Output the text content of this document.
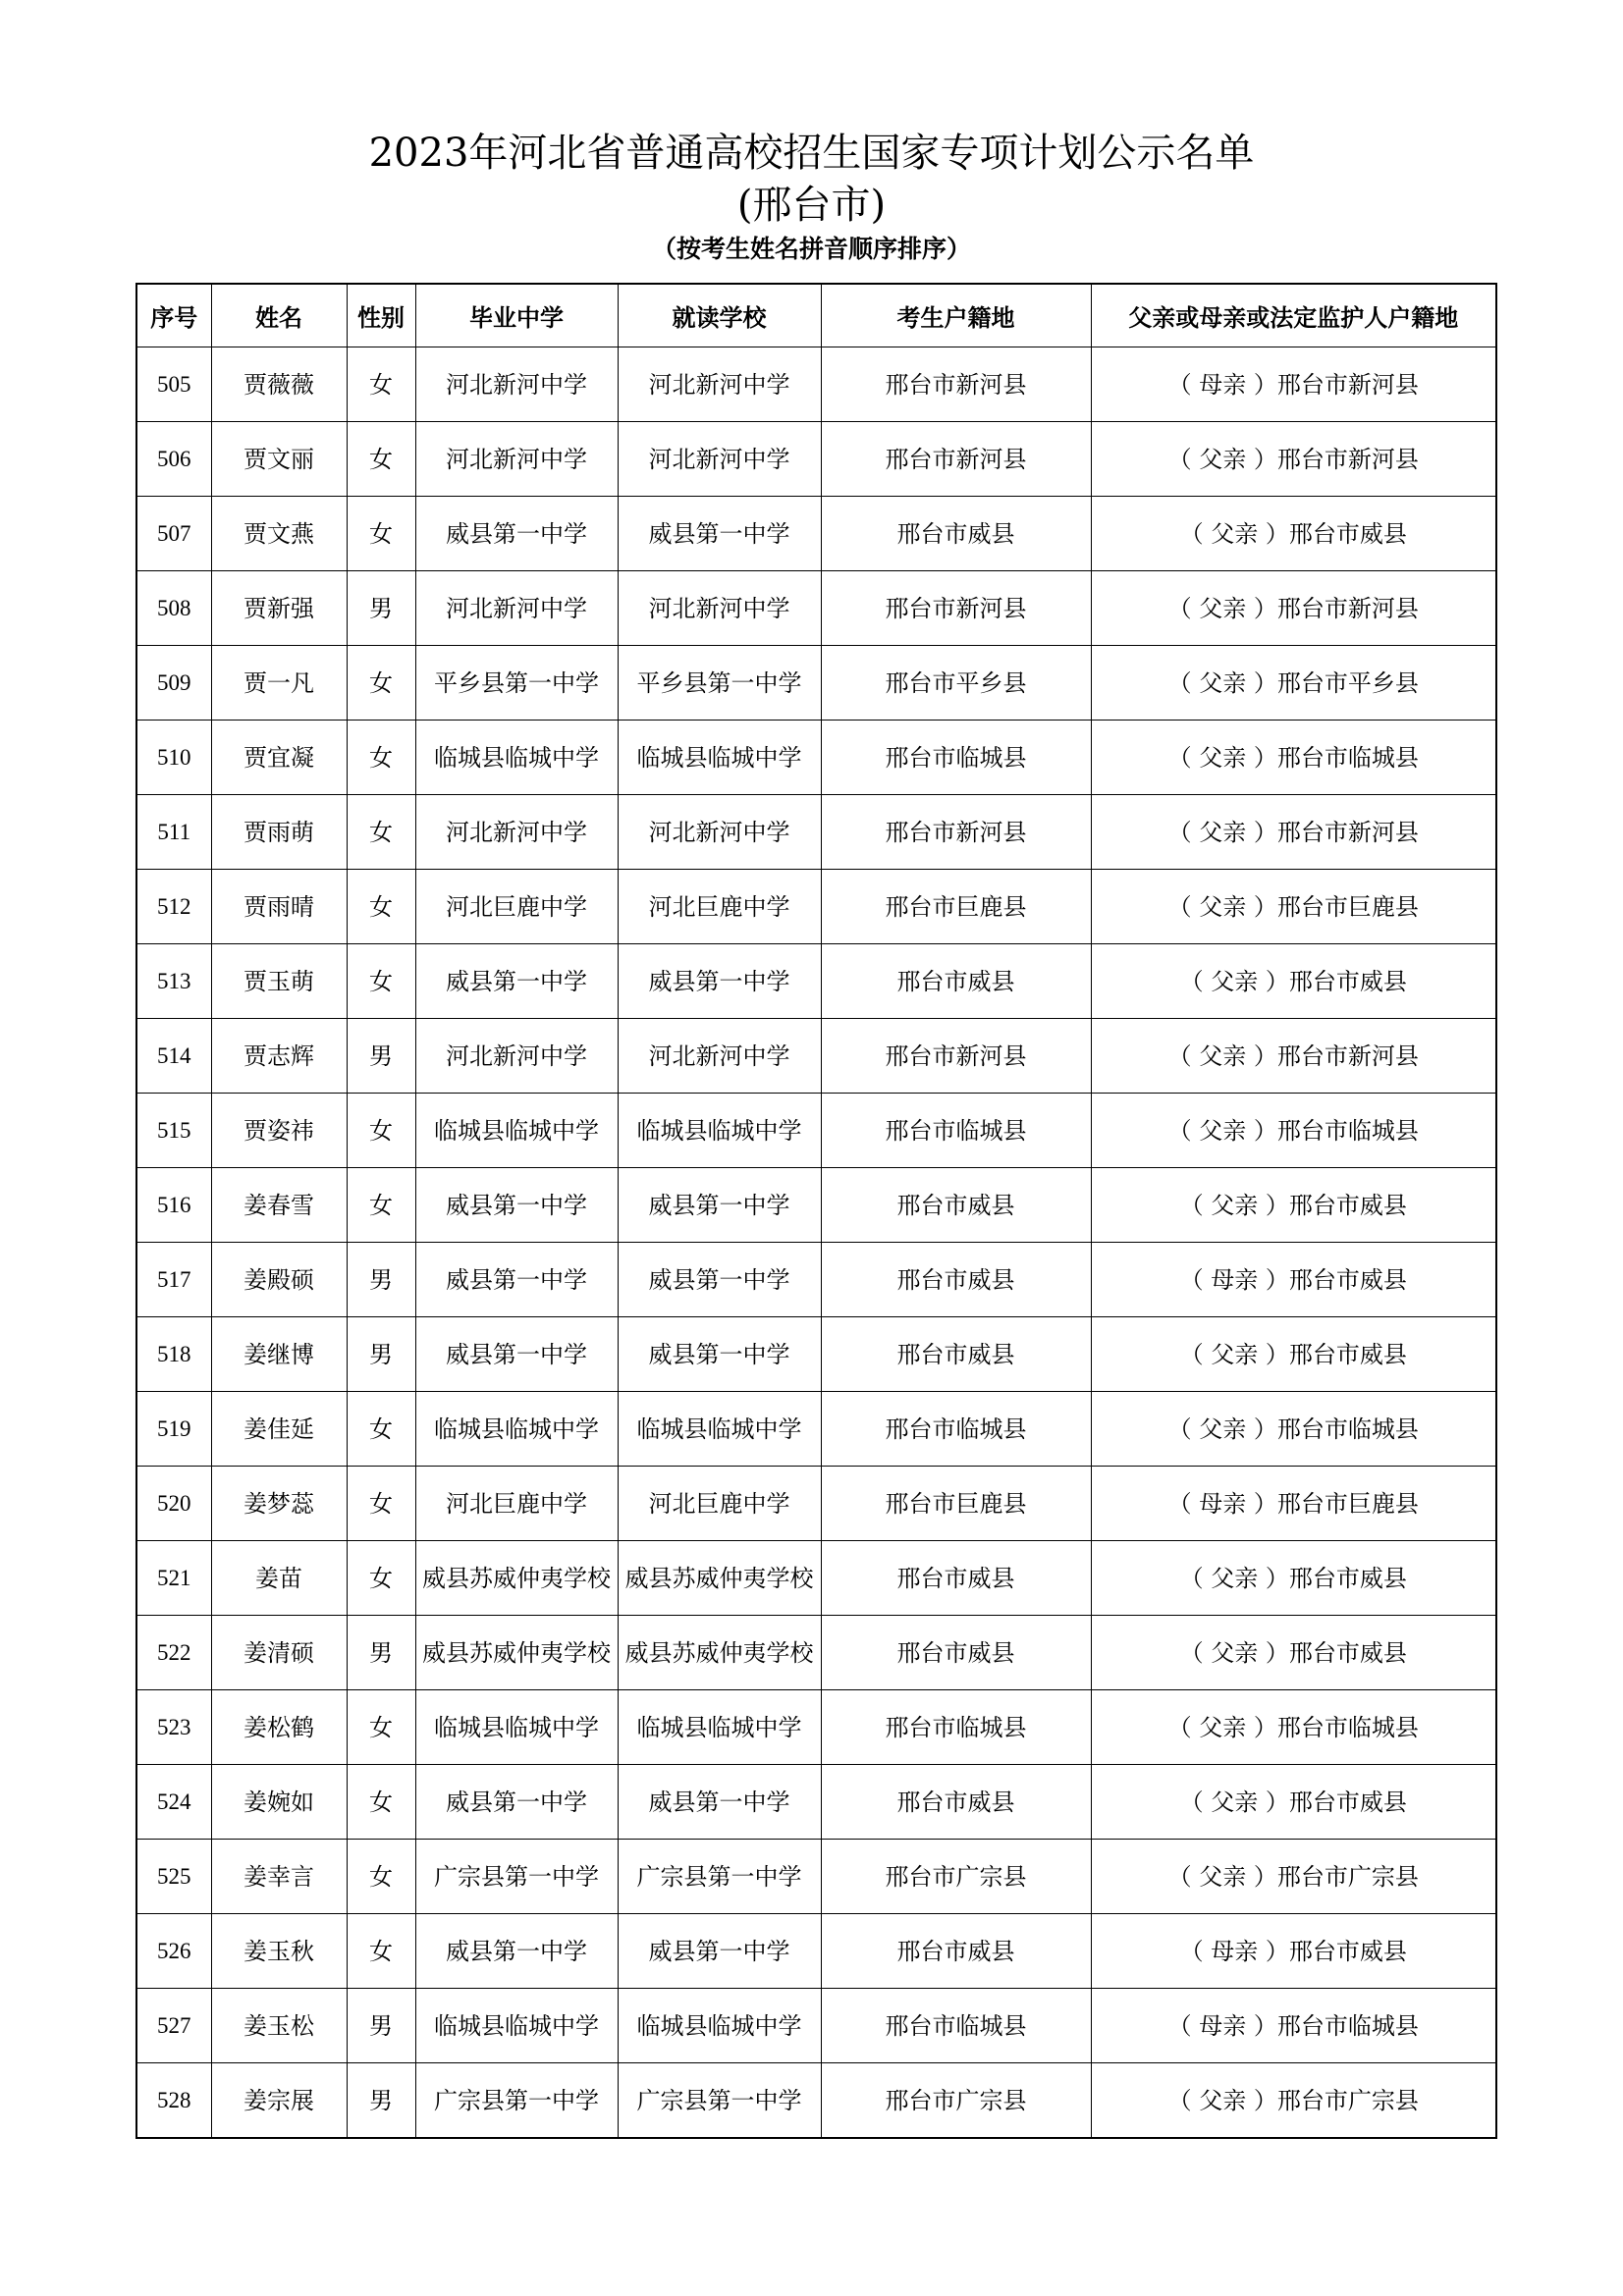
2023年河北省普通高校招生国家专项计划公示名单
(邢台市)
（按考生姓名拼音顺序排序）
序号	姓名	性别	毕业中学	就读学校	考生户籍地	父亲或母亲或法定监护人户籍地
505	贾薇薇	女	河北新河中学	河北新河中学	邢台市新河县	（ 母亲 ）邢台市新河县
506	贾文丽	女	河北新河中学	河北新河中学	邢台市新河县	（ 父亲 ）邢台市新河县
507	贾文燕	女	威县第一中学	威县第一中学	邢台市威县	（ 父亲 ）邢台市威县
508	贾新强	男	河北新河中学	河北新河中学	邢台市新河县	（ 父亲 ）邢台市新河县
509	贾一凡	女	平乡县第一中学	平乡县第一中学	邢台市平乡县	（ 父亲 ）邢台市平乡县
510	贾宜凝	女	临城县临城中学	临城县临城中学	邢台市临城县	（ 父亲 ）邢台市临城县
511	贾雨萌	女	河北新河中学	河北新河中学	邢台市新河县	（ 父亲 ）邢台市新河县
512	贾雨晴	女	河北巨鹿中学	河北巨鹿中学	邢台市巨鹿县	（ 父亲 ）邢台市巨鹿县
513	贾玉萌	女	威县第一中学	威县第一中学	邢台市威县	（ 父亲 ）邢台市威县
514	贾志辉	男	河北新河中学	河北新河中学	邢台市新河县	（ 父亲 ）邢台市新河县
515	贾姿祎	女	临城县临城中学	临城县临城中学	邢台市临城县	（ 父亲 ）邢台市临城县
516	姜春雪	女	威县第一中学	威县第一中学	邢台市威县	（ 父亲 ）邢台市威县
517	姜殿硕	男	威县第一中学	威县第一中学	邢台市威县	（ 母亲 ）邢台市威县
518	姜继博	男	威县第一中学	威县第一中学	邢台市威县	（ 父亲 ）邢台市威县
519	姜佳延	女	临城县临城中学	临城县临城中学	邢台市临城县	（ 父亲 ）邢台市临城县
520	姜梦蕊	女	河北巨鹿中学	河北巨鹿中学	邢台市巨鹿县	（ 母亲 ）邢台市巨鹿县
521	姜苗	女	威县苏威仲夷学校	威县苏威仲夷学校	邢台市威县	（ 父亲 ）邢台市威县
522	姜清硕	男	威县苏威仲夷学校	威县苏威仲夷学校	邢台市威县	（ 父亲 ）邢台市威县
523	姜松鹤	女	临城县临城中学	临城县临城中学	邢台市临城县	（ 父亲 ）邢台市临城县
524	姜婉如	女	威县第一中学	威县第一中学	邢台市威县	（ 父亲 ）邢台市威县
525	姜幸言	女	广宗县第一中学	广宗县第一中学	邢台市广宗县	（ 父亲 ）邢台市广宗县
526	姜玉秋	女	威县第一中学	威县第一中学	邢台市威县	（ 母亲 ）邢台市威县
527	姜玉松	男	临城县临城中学	临城县临城中学	邢台市临城县	（ 母亲 ）邢台市临城县
528	姜宗展	男	广宗县第一中学	广宗县第一中学	邢台市广宗县	（ 父亲 ）邢台市广宗县
